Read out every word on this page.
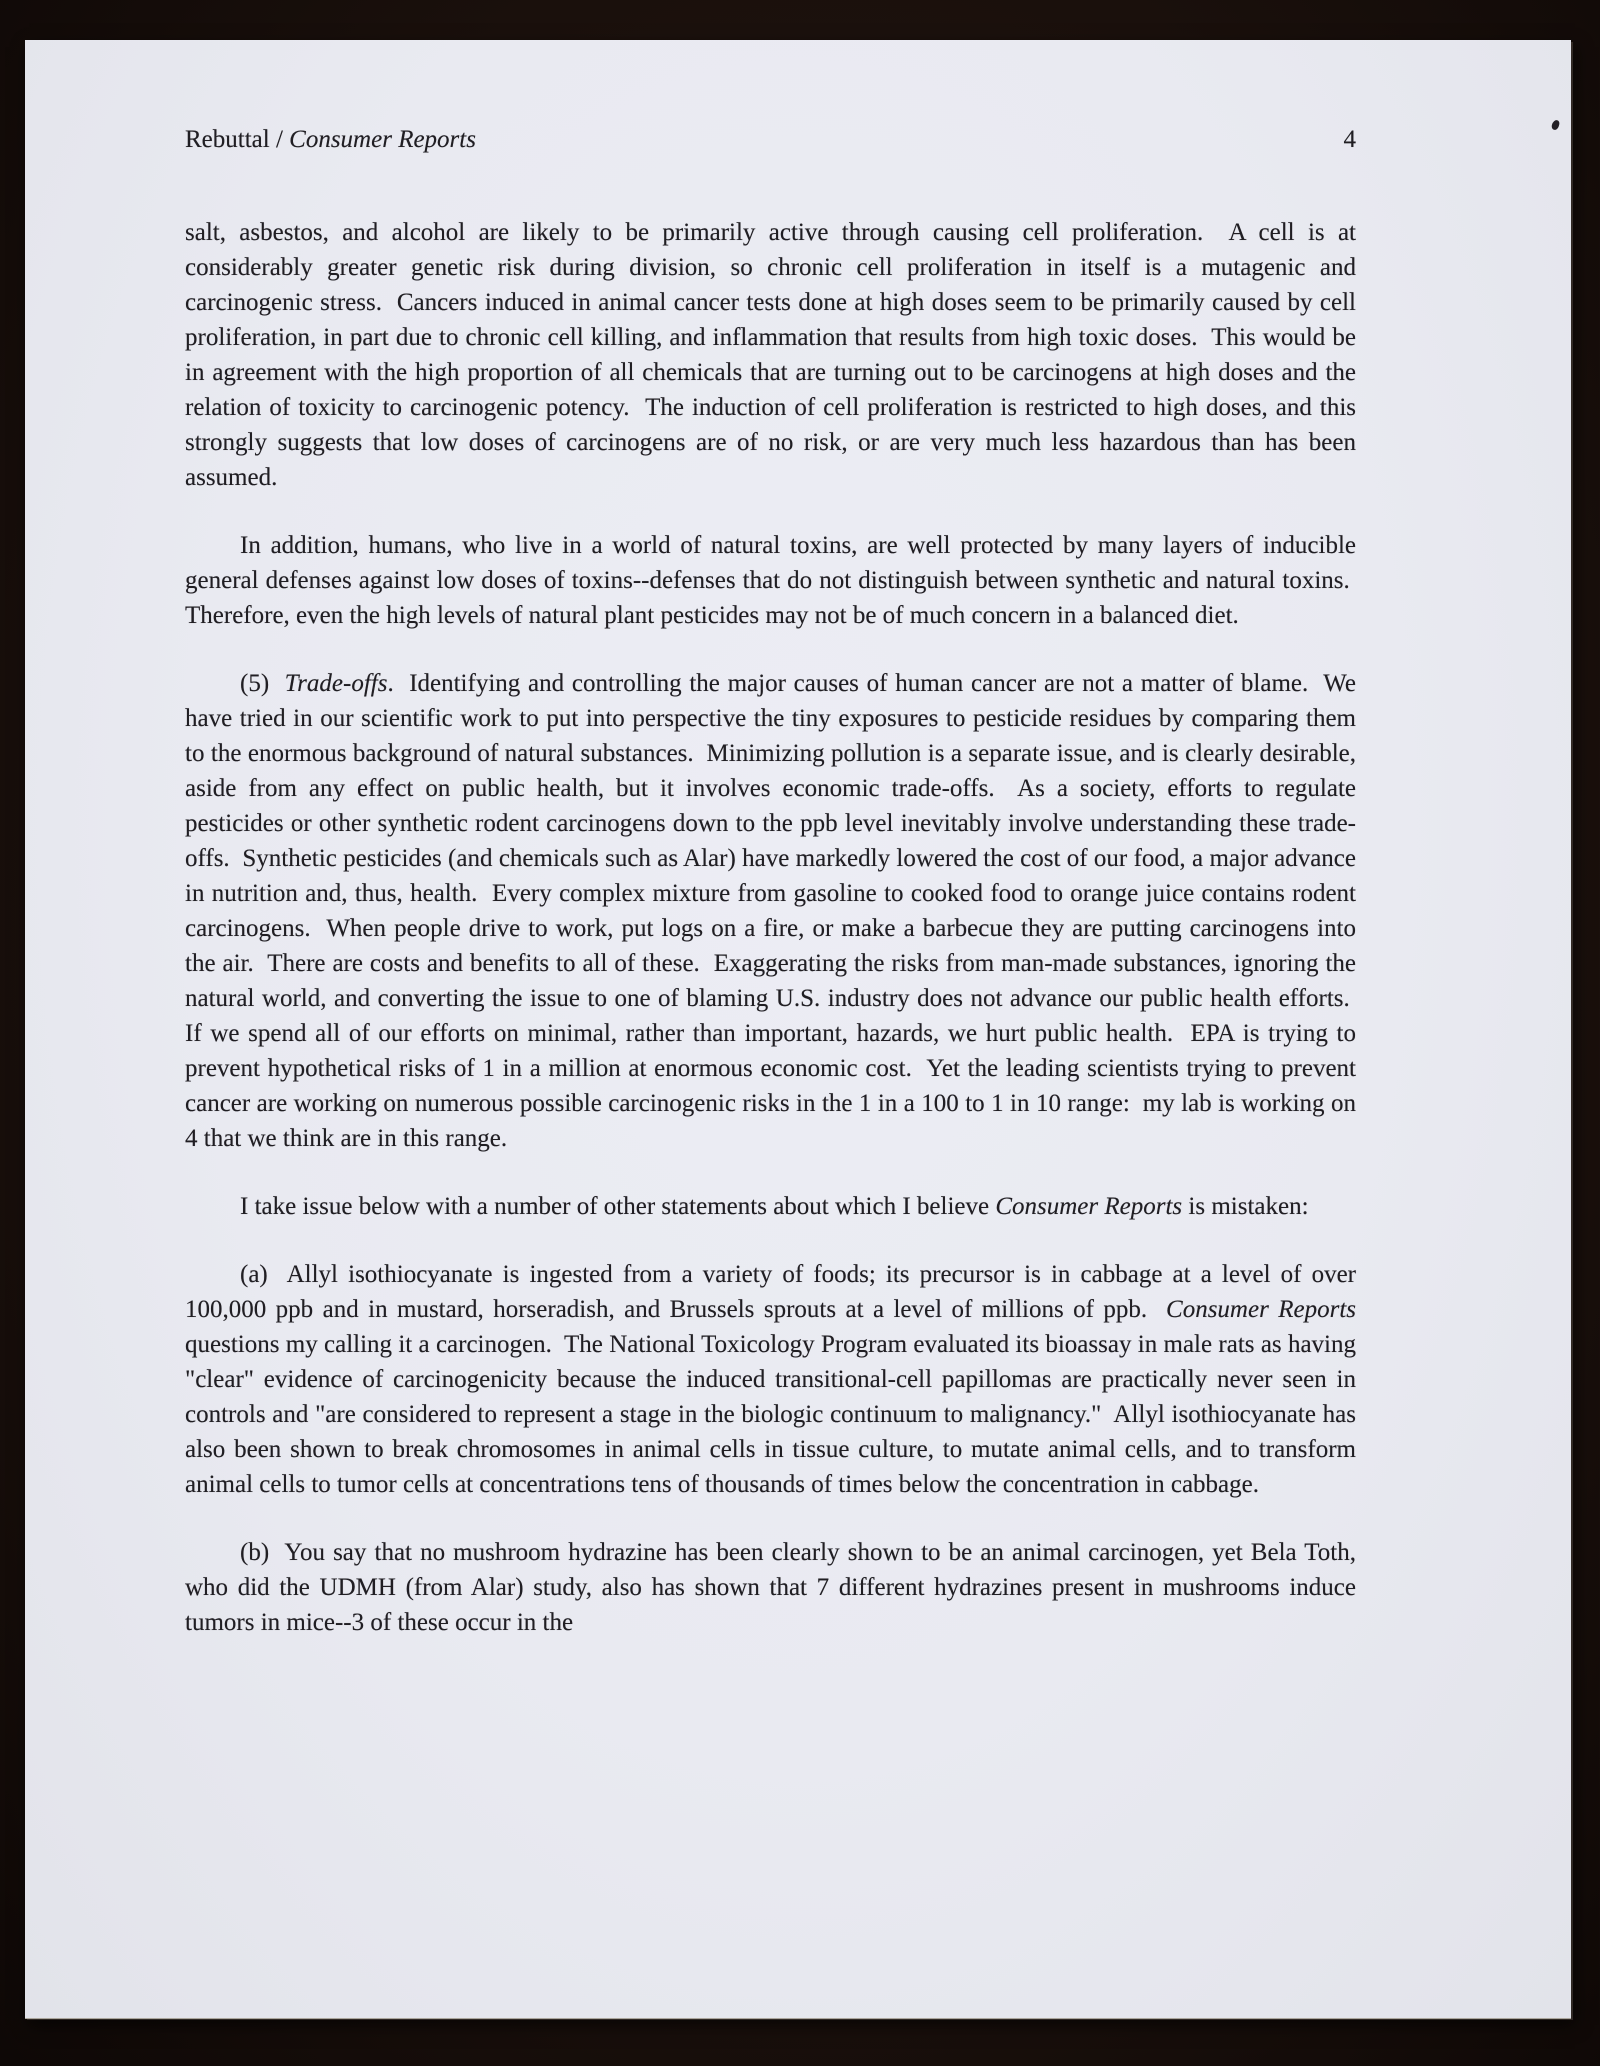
Rebuttal / Consumer Reports	4

salt, asbestos, and alcohol are likely to be primarily active through causing cell proliferation.  A cell is at considerably greater genetic risk during division, so chronic cell proliferation in itself is a mutagenic and carcinogenic stress.  Cancers induced in animal cancer tests done at high doses seem to be primarily caused by cell proliferation, in part due to chronic cell killing, and inflammation that results from high toxic doses.  This would be in agreement with the high proportion of all chemicals that are turning out to be carcinogens at high doses and the relation of toxicity to carcinogenic potency.  The induction of cell proliferation is restricted to high doses, and this strongly suggests that low doses of carcinogens are of no risk, or are very much less hazardous than has been assumed.

In addition, humans, who live in a world of natural toxins, are well protected by many layers of inducible general defenses against low doses of toxins--defenses that do not distinguish between synthetic and natural toxins.  Therefore, even the high levels of natural plant pesticides may not be of much concern in a balanced diet.

(5)  Trade-offs.  Identifying and controlling the major causes of human cancer are not a matter of blame.  We have tried in our scientific work to put into perspective the tiny exposures to pesticide residues by comparing them to the enormous background of natural substances.  Minimizing pollution is a separate issue, and is clearly desirable, aside from any effect on public health, but it involves economic trade-offs.  As a society, efforts to regulate pesticides or other synthetic rodent carcinogens down to the ppb level inevitably involve understanding these trade-offs.  Synthetic pesticides (and chemicals such as Alar) have markedly lowered the cost of our food, a major advance in nutrition and, thus, health.  Every complex mixture from gasoline to cooked food to orange juice contains rodent carcinogens.  When people drive to work, put logs on a fire, or make a barbecue they are putting carcinogens into the air.  There are costs and benefits to all of these.  Exaggerating the risks from man-made substances, ignoring the natural world, and converting the issue to one of blaming U.S. industry does not advance our public health efforts.  If we spend all of our efforts on minimal, rather than important, hazards, we hurt public health.  EPA is trying to prevent hypothetical risks of 1 in a million at enormous economic cost.  Yet the leading scientists trying to prevent cancer are working on numerous possible carcinogenic risks in the 1 in a 100 to 1 in 10 range:  my lab is working on 4 that we think are in this range.

I take issue below with a number of other statements about which I believe Consumer Reports is mistaken:

(a)  Allyl isothiocyanate is ingested from a variety of foods; its precursor is in cabbage at a level of over 100,000 ppb and in mustard, horseradish, and Brussels sprouts at a level of millions of ppb.  Consumer Reports questions my calling it a carcinogen.  The National Toxicology Program evaluated its bioassay in male rats as having "clear" evidence of carcinogenicity because the induced transitional-cell papillomas are practically never seen in controls and "are considered to represent a stage in the biologic continuum to malignancy."  Allyl isothiocyanate has also been shown to break chromosomes in animal cells in tissue culture, to mutate animal cells, and to transform animal cells to tumor cells at concentrations tens of thousands of times below the concentration in cabbage.

(b)  You say that no mushroom hydrazine has been clearly shown to be an animal carcinogen, yet Bela Toth, who did the UDMH (from Alar) study, also has shown that 7 different hydrazines present in mushrooms induce tumors in mice--3 of these occur in the
